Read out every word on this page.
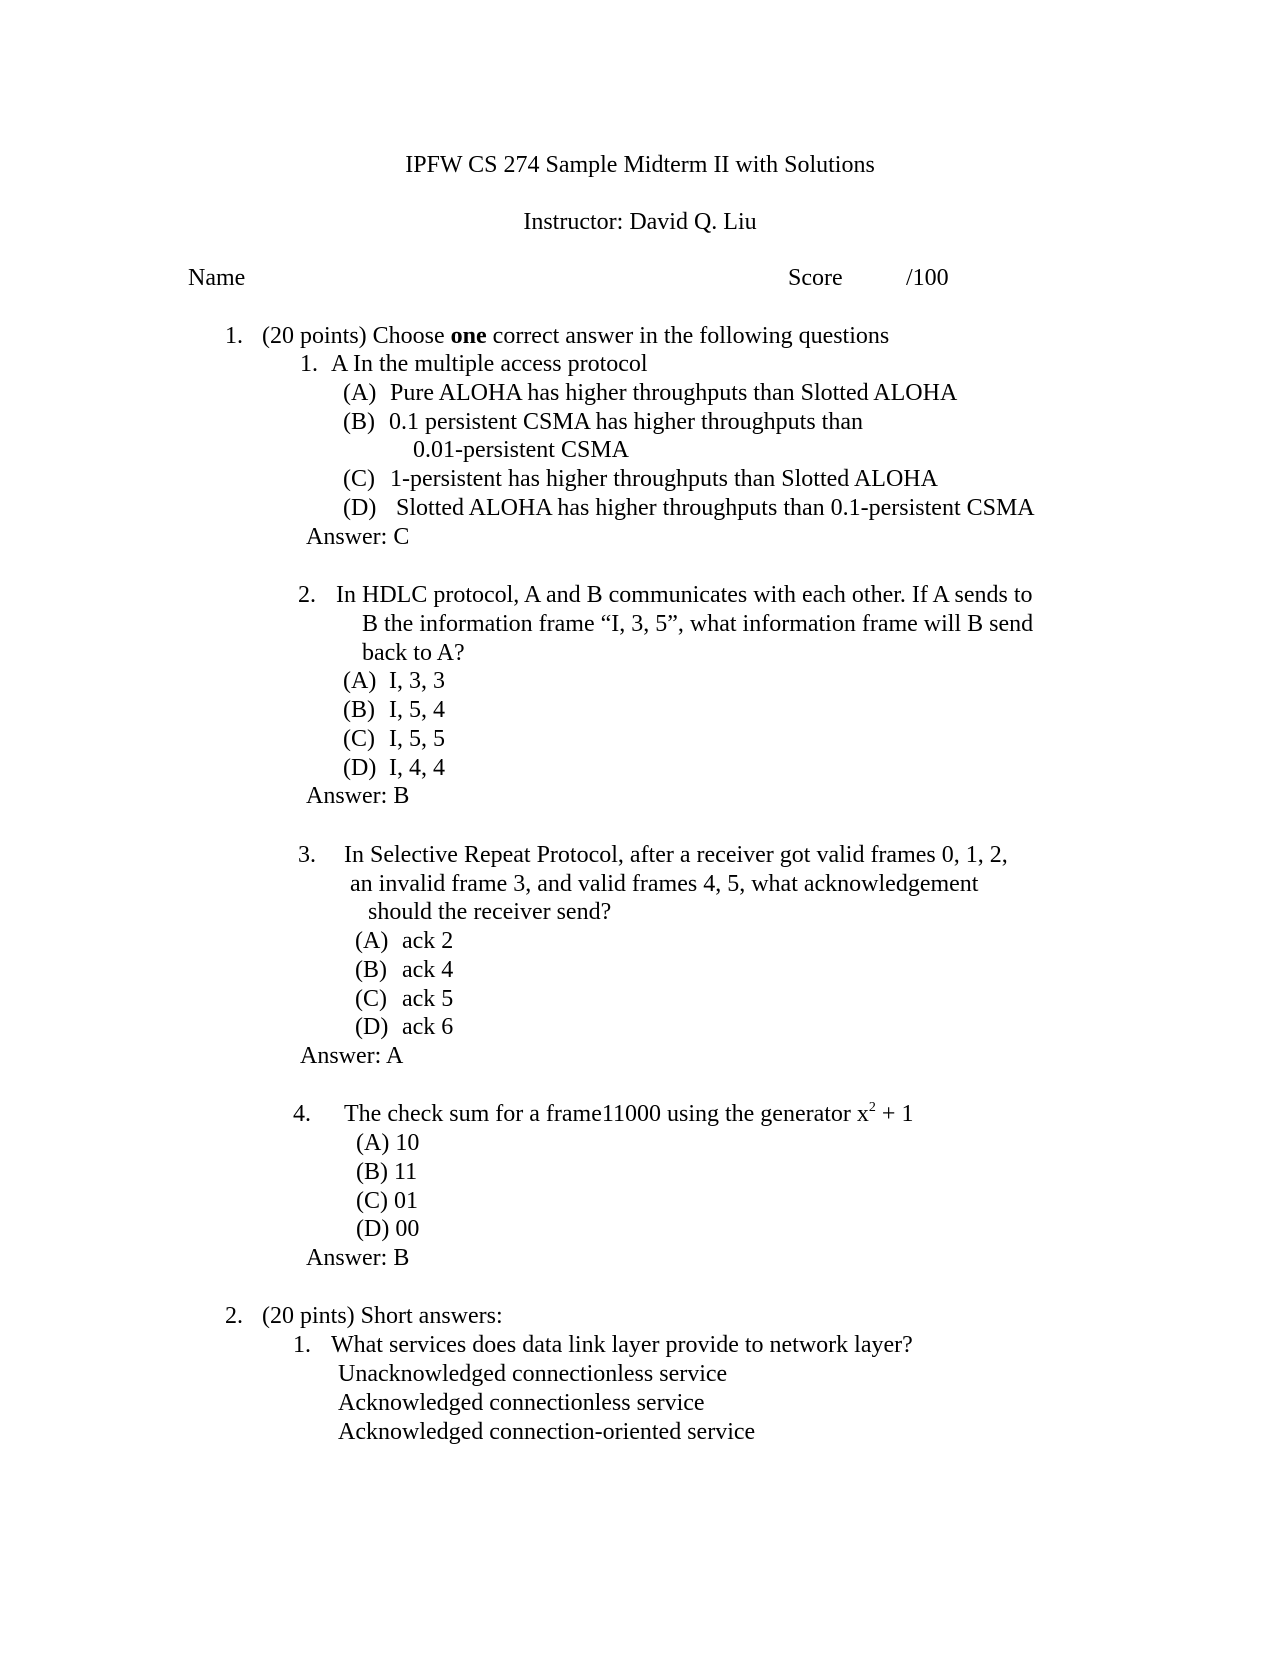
IPFW CS 274 Sample Midterm II with Solutions
Instructor: David Q. Liu
Name	Score	/100
1. (20 points) Choose one correct answer in the following questions
1. A In the multiple access protocol
(A) Pure ALOHA has higher throughputs than Slotted ALOHA
(B) 0.1 persistent CSMA has higher throughputs than
0.01-persistent CSMA
(C) 1-persistent has higher throughputs than Slotted ALOHA
(D) Slotted ALOHA has higher throughputs than 0.1-persistent CSMA
Answer: C
2. In HDLC protocol, A and B communicates with each other. If A sends to
B the information frame “I, 3, 5”, what information frame will B send
back to A?
(A) I, 3, 3
(B) I, 5, 4
(C) I, 5, 5
(D) I, 4, 4
Answer: B
3. In Selective Repeat Protocol, after a receiver got valid frames 0, 1, 2,
an invalid frame 3, and valid frames 4, 5, what acknowledgement
should the receiver send?
(A) ack 2
(B) ack 4
(C) ack 5
(D) ack 6
Answer: A
4. The check sum for a frame11000 using the generator $x^2 + 1$
(A) 10
(B) 11
(C) 01
(D) 00
Answer: B
2. (20 pints) Short answers:
1. What services does data link layer provide to network layer?
Unacknowledged connectionless service
Acknowledged connectionless service
Acknowledged connection-oriented service
